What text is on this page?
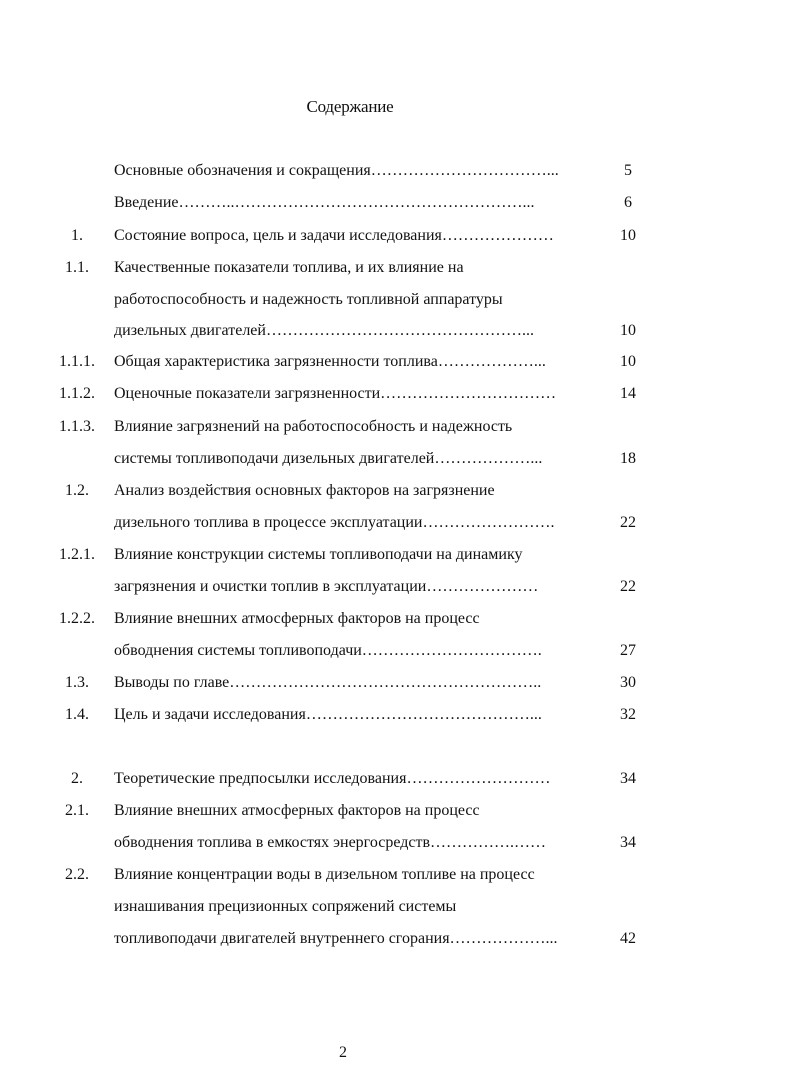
Содержание
Основные обозначения и сокращения……………………………...	5
Введение………..………………………………………………...	6
1.	Состояние вопроса, цель и задачи исследования…………………	10
1.1.	Качественные показатели топлива, и их влияние на
работоспособность и надежность топливной аппаратуры
дизельных двигателей…………………………………………...	10
1.1.1. Общая характеристика загрязненности топлива………………...	10
1.1.2. Оценочные показатели загрязненности……………………………	14
1.1.3. Влияние загрязнений на работоспособность и надежность
системы топливоподачи дизельных двигателей………………...	18
1.2.	Анализ воздействия основных факторов на загрязнение
дизельного топлива в процессе эксплуатации…………………….	22
1.2.1. Влияние конструкции системы топливоподачи на динамику
загрязнения и очистки топлив в эксплуатации…………………	22
1.2.2. Влияние внешних атмосферных факторов на процесс
обводнения системы топливоподачи…………………………….	27
1.3.	Выводы по главе…………………………………………………..	30
1.4.	Цель и задачи исследования……………………………………...	32
2.	Теоретические предпосылки исследования………………………	34
2.1.	Влияние внешних атмосферных факторов на процесс
обводнения топлива в емкостях энергосредств…………….……	34
2.2.	Влияние концентрации воды в дизельном топливе на процесс
изнашивания прецизионных сопряжений системы
топливоподачи двигателей внутреннего сгорания………………...	42
2
